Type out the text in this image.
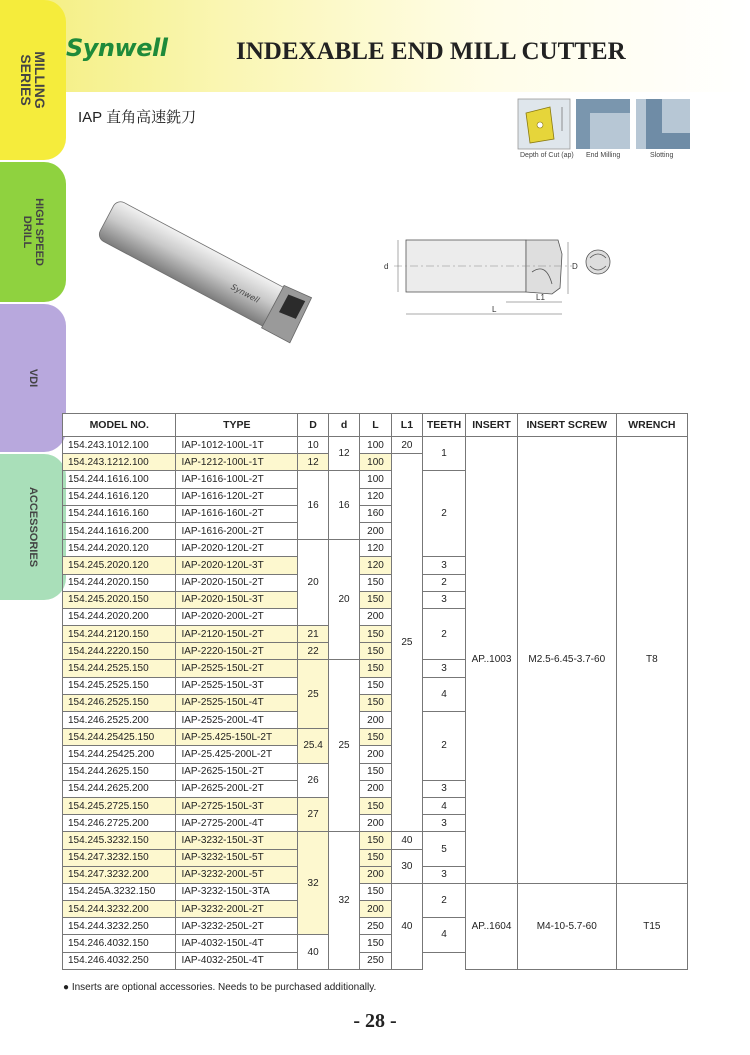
MILLING
SERIES
HIGH SPEED
DRILL
VDI
ACCESSORIES
Synwell	INDEXABLE END MILL CUTTER
IAP 直角高速銑刀
Depth of Cut (ap) End Milling	Slotting
Synwell
d	D
L1
L
MODEL NO.	TYPE	D	d	L	L1	TEETH	INSERT	INSERT SCREW	WRENCH
154.243.1012.100	IAP-1012-100L-1T	10	12	100	20	1	AP..1003	M2.5-6.45-3.7-60	T8
154.243.1212.100	IAP-1212-100L-1T	12		100	25				
154.244.1616.100	IAP-1616-100L-2T	16	16	100		2			
154.244.1616.120	IAP-1616-120L-2T			120					
154.244.1616.160	IAP-1616-160L-2T			160					
154.244.1616.200	IAP-1616-200L-2T			200					
154.244.2020.120	IAP-2020-120L-2T	20	20	120					
154.245.2020.120	IAP-2020-120L-3T			120		3			
154.244.2020.150	IAP-2020-150L-2T			150		2			
154.245.2020.150	IAP-2020-150L-3T			150		3			
154.244.2020.200	IAP-2020-200L-2T			200		2			
154.244.2120.150	IAP-2120-150L-2T	21		150					
154.244.2220.150	IAP-2220-150L-2T	22		150					
154.244.2525.150	IAP-2525-150L-2T	25	25	150		3			
154.245.2525.150	IAP-2525-150L-3T			150		4			
154.246.2525.150	IAP-2525-150L-4T			150					
154.246.2525.200	IAP-2525-200L-4T			200		2			
154.244.25425.150	IAP-25.425-150L-2T	25.4		150					
154.244.25425.200	IAP-25.425-200L-2T			200					
154.244.2625.150	IAP-2625-150L-2T	26		150					
154.244.2625.200	IAP-2625-200L-2T			200		3			
154.245.2725.150	IAP-2725-150L-3T	27		150		4			
154.246.2725.200	IAP-2725-200L-4T			200		3			
154.245.3232.150	IAP-3232-150L-3T	32	32	150	40	5			
154.247.3232.150	IAP-3232-150L-5T			150	30				
154.247.3232.200	IAP-3232-200L-5T			200		3			
154.245A.3232.150	IAP-3232-150L-3TA			150	40	2	AP..1604	M4-10-5.7-60	T15
154.244.3232.200	IAP-3232-200L-2T			200					
154.244.3232.250	IAP-3232-250L-2T			250		4			
154.246.4032.150	IAP-4032-150L-4T	40		150					
154.246.4032.250	IAP-4032-250L-4T			250					
● Inserts are optional accessories. Needs to be purchased additionally.
- 28 -
